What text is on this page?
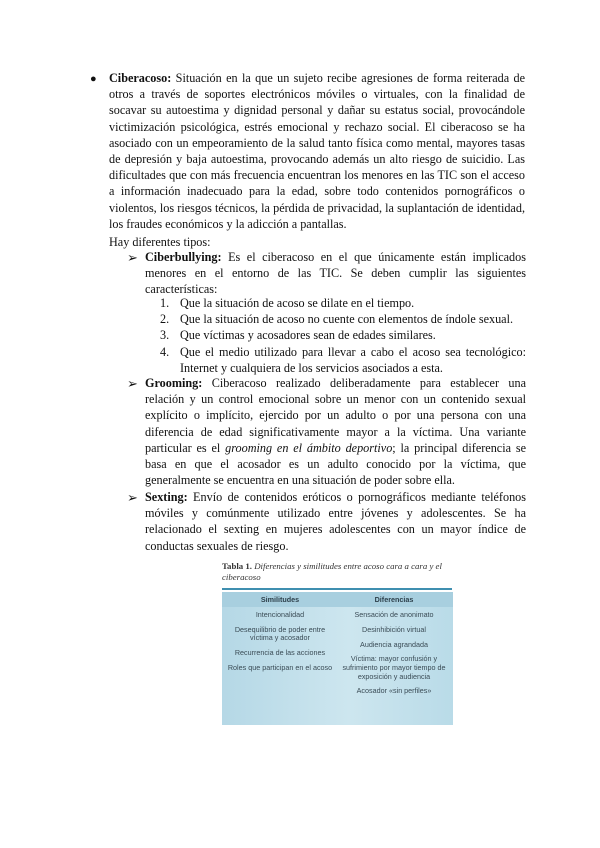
● Ciberacoso: Situación en la que un sujeto recibe agresiones de forma reiterada de otros a través de soportes electrónicos móviles o virtuales, con la finalidad de socavar su autoestima y dignidad personal y dañar su estatus social, provocándole victimización psicológica, estrés emocional y rechazo social. El ciberacoso se ha asociado con un empeoramiento de la salud tanto física como mental, mayores tasas de depresión y baja autoestima, provocando además un alto riesgo de suicidio. Las dificultades que con más frecuencia encuentran los menores en las TIC son el acceso a información inadecuado para la edad, sobre todo contenidos pornográficos o violentos, los riesgos técnicos, la pérdida de privacidad, la suplantación de identidad, los fraudes económicos y la adicción a pantallas.

Hay diferentes tipos:

➢ Ciberbullying: Es el ciberacoso en el que únicamente están implicados menores en el entorno de las TIC. Se deben cumplir las siguientes características:

1. Que la situación de acoso se dilate en el tiempo.
2. Que la situación de acoso no cuente con elementos de índole sexual.
3. Que víctimas y acosadores sean de edades similares.
4. Que el medio utilizado para llevar a cabo el acoso sea tecnológico: Internet y cualquiera de los servicios asociados a esta.
➢ Grooming: Ciberacoso realizado deliberadamente para establecer una relación y un control emocional sobre un menor con un contenido sexual explícito o implícito, ejercido por un adulto o por una persona con una diferencia de edad significativamente mayor a la víctima. Una variante particular es el grooming en el ámbito deportivo; la principal diferencia se basa en que el acosador es un adulto conocido por la víctima, que generalmente se encuentra en una situación de poder sobre ella.

➢ Sexting: Envío de contenidos eróticos o pornográficos mediante teléfonos móviles y comúnmente utilizado entre jóvenes y adolescentes. Se ha relacionado el sexting en mujeres adolescentes con un mayor índice de conductas sexuales de riesgo.

Tabla 1. Diferencias y similitudes entre acoso cara a cara y el ciberacoso
Similitudes	Diferencias
Intencionalidad
Desequilibrio de poder entre víctima y acosador
Recurrencia de las acciones
Roles que participan en el acoso
Sensación de anonimato
Desinhibición virtual
Audiencia agrandada
Víctima: mayor confusión y sufrimiento por mayor tiempo de exposición y audiencia
Acosador «sin perfiles»
